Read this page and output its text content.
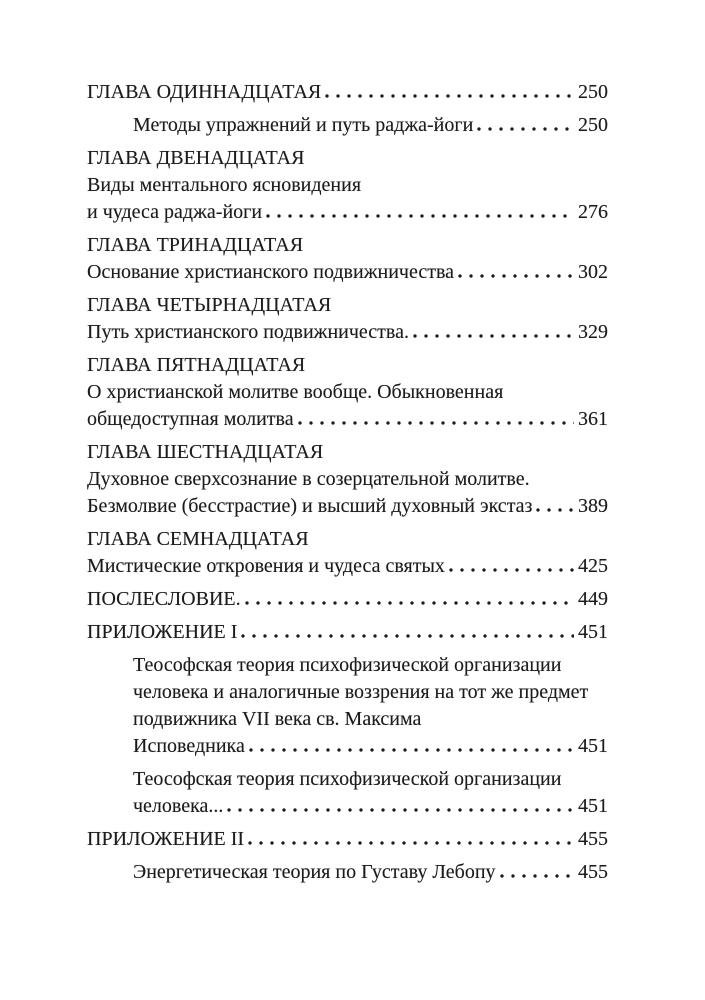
ГЛАВА ОДИННАДЦАТАЯ	250
Методы упражнений и путь раджа-йоги	250
ГЛАВА ДВЕНАДЦАТАЯ
Виды ментального ясновидения
и чудеса раджа-йоги	276
ГЛАВА ТРИНАДЦАТАЯ
Основание христианского подвижничества	302
ГЛАВА ЧЕТЫРНАДЦАТАЯ
Путь христианского подвижничества.	329
ГЛАВА ПЯТНАДЦАТАЯ
О христианской молитве вообще. Обыкновенная
общедоступная молитва	361
ГЛАВА ШЕСТНАДЦАТАЯ
Духовное сверхсознание в созерцательной молитве.
Безмолвие (бесстрастие) и высший духовный экстаз 389
ГЛАВА СЕМНАДЦАТАЯ
Мистические откровения и чудеса святых	425
ПОСЛЕСЛОВИЕ.	449
ПРИЛОЖЕНИЕ I	451
Теософская теория психофизической организации
человека и аналогичные воззрения на тот же предмет
подвижника VII века св. Максима
Исповедника	451
Теософская теория психофизической организации
человека...	451
ПРИЛОЖЕНИЕ II	455
Энергетическая теория по Густаву Лебопу	455
